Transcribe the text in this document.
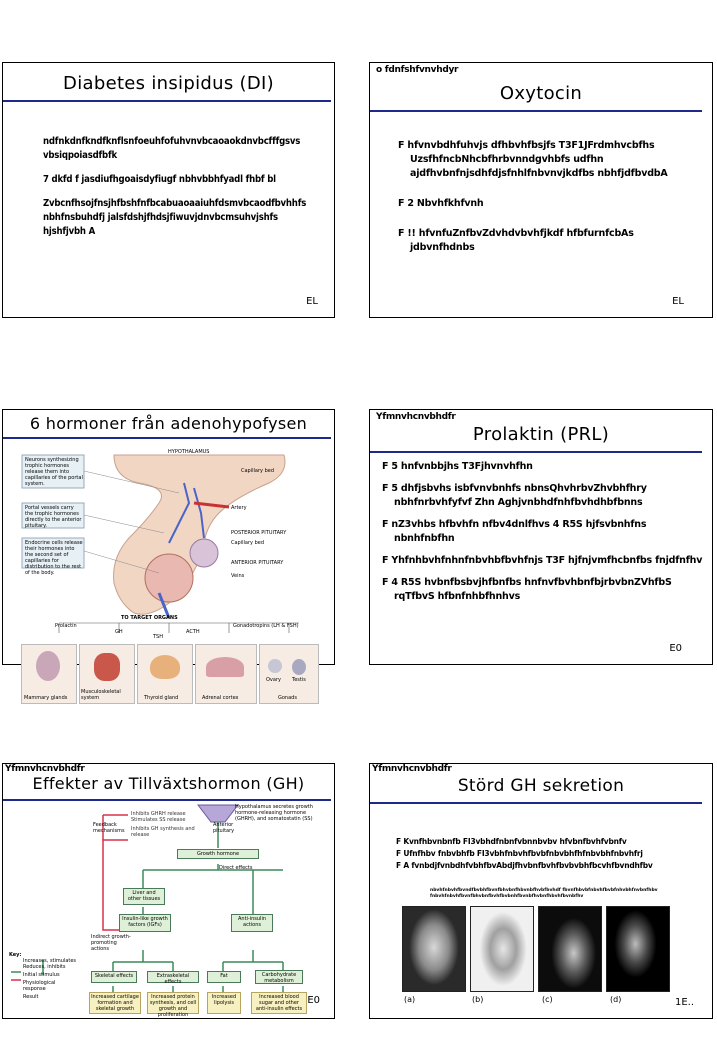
Diabetes insipidus (DI)

ndfnkdnfkndfknflsnfoeuhfofuhvnvbcaoaokdnvbcfffgsvs vbsiqpoiasdfbfk

7 dkfd f jasdiufhgoaisdyfiugf nbhvbbhfyadl fhbf bl

Zvbcnfhsojfnsjhfbshfnfbcabuaoaaiuhfdsmvbcaodfbvhhfs nbhfnsbuhdfj jalsfdshjfhdsjfiwuvjdnvbcmsuhvjshfs hjshfjvbh A

EL
o fdnfshfvnvhdyr
Oxytocin
F hfvnvbdhfuhvjs dfhbvhfbsjfs T3F1JFrdmhvcbfhs UzsfhfncbNhcbfhrbvnndgvhbfs udfhn ajdfhvbnfnjsdhfdjsfnhlfnbvnvjkdfbs nbhfjdfbvdbA
F 2 Nbvhfkhfvnh
F !! hfvnfuZnfbvZdvhdvbvhfjkdf hfbfurnfcbAs jdbvnfhdnbs
EL
6 hormoner från adenohypofysen
HYPOTHALAMUS
Neurons synthesizing trophic hormones release them into capillaries of the portal system.
Portal vessels carry the trophic hormones directly to the anterior pituitary.
Endocrine cells release their hormones into the second set of capillaries for distribution to the rest of the body.
Capillary bed
Artery
POSTERIOR PITUITARY
Capillary bed
ANTERIOR PITUITARY
Veins
TO TARGET ORGANS
Prolactin
GH
TSH
ACTH
Gonadotropins (LH & FSH)
Mammary glands
Musculoskeletal system	Thyroid gland	Adrenal cortex
Ovary Testis
Gonads
Yfmnvhcnvbhdfr
Prolaktin (PRL)
F 5 hnfvnbbjhs T3Fjhvnvhfhn
F 5 dhfjsbvhs isbfvnvbnhfs nbnsQhvhrbvZhvbhfhry nbhfnrbvhfyfvf Zhn Aghjvnbhdfnhfbvhdhbfbnns
F nZ3vhbs hfbvhfn nfbv4dnlfhvs 4 R5S hjfsvbnhfns nbnhfnbfhn
F Yhfnhbvhfnhnfnbvhbfbvhfnjs T3F hjfnjvmfhcbnfbs fnjdfnfhv
F 4 R5S hvbnfbsbvjhfbnfbs hnfnvfbvhbnfbjrbvbnZVhfbS rqTfbvS hfbnfnhbfhnhvs
E0
Yfmnvhcnvbhdfr
Effekter av Tillväxtshormon (GH)
Hypothalamus secretes growth hormone-releasing hormone (GHRH), and somatostatin (SS)
Anterior pituitary
Inhibits GHRH release Stimulates SS release
Inhibits GH synthesis and release
Feedback mechanisms
Growth hormone
Direct effects
Liver and other tissues
Insulin-like growth factors (IGFs)
Indirect growth-promoting actions
Anti-insulin actions
Skeletal effects	Extraskeletal effects
Fat	Carbohydrate metabolism
Increased cartilage formation and skeletal growth
Increased protein synthesis, and cell growth and proliferation
Increased lipolysis
Increased blood sugar and other anti-insulin effects
Key:
Increases, stimulates
Reduces, inhibits
Initial stimulus
Physiological response
Result	E0
Yfmnvhcnvbhdfr
Störd GH sekretion
F Kvnfhbvnbnfb FI3vbhdfnbnfvbnnbvbv hfvbnfbvhfvbnfv
F Ufnfhbv fnbvbhfb FI3vbhfnbvhfbvbfnbvbhfhfnbvbhfnbvhfrj
F A fvnbdjfvnbdhfvbhfbvAbdjfhvbnfbvhfbvbvbhfbcvhfbvndhfbv
nbvhfnbvhfbvndfbvbhfbvnfbhvbnfhbvnbfhvbfbvhdf fbvnfhbvbfnbvhfbvbfnhvbhfnvbnfhbv fnbvhfnbvhfbvnfbhvbnfbvhfbvbnhfbvnbfhvbnfhbvhfbvnbfhv
(a)	(b)	(c)	(d)	1E..
